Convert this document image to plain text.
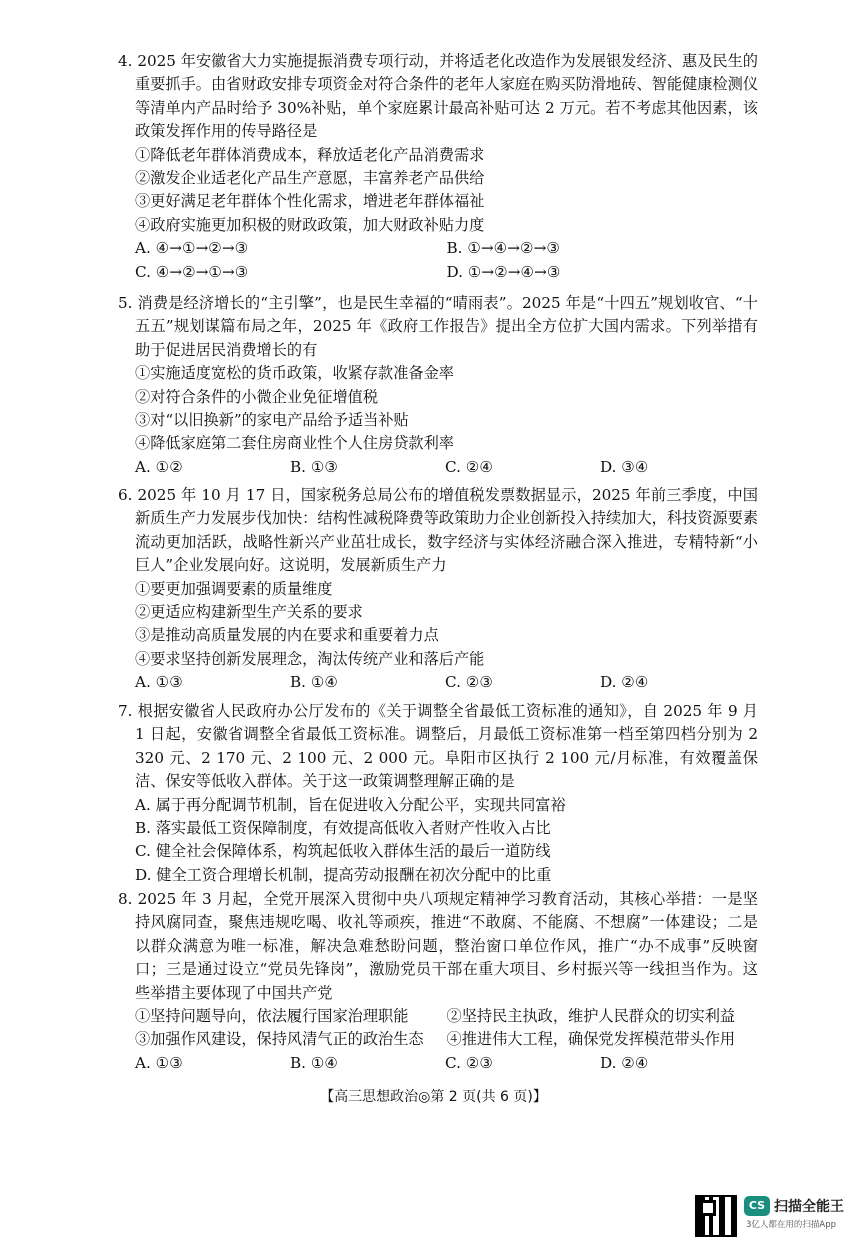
4. 2025 年安徽省大力实施提振消费专项行动，并将适老化改造作为发展银发经济、惠及民生的重要抓手。由省财政安排专项资金对符合条件的老年人家庭在购买防滑地砖、智能健康检测仪等清单内产品时给予 30%补贴，单个家庭累计最高补贴可达 2 万元。若不考虑其他因素，该政策发挥作用的传导路径是

①降低老年群体消费成本，释放适老化产品消费需求

②激发企业适老化产品生产意愿，丰富养老产品供给

③更好满足老年群体个性化需求，增进老年群体福祉

④政府实施更加积极的财政政策，加大财政补贴力度

A. ④→①→②→③	B. ①→④→②→③
C. ④→②→①→③	D. ①→②→④→③

5. 消费是经济增长的“主引擎”，也是民生幸福的“晴雨表”。2025 年是“十四五”规划收官、“十五五”规划谋篇布局之年，2025 年《政府工作报告》提出全方位扩大国内需求。下列举措有助于促进居民消费增长的有

①实施适度宽松的货币政策，收紧存款准备金率

②对符合条件的小微企业免征增值税

③对“以旧换新”的家电产品给予适当补贴

④降低家庭第二套住房商业性个人住房贷款利率

A. ①②	B. ①③	C. ②④	D. ③④

6. 2025 年 10 月 17 日，国家税务总局公布的增值税发票数据显示，2025 年前三季度，中国新质生产力发展步伐加快：结构性减税降费等政策助力企业创新投入持续加大，科技资源要素流动更加活跃，战略性新兴产业茁壮成长，数字经济与实体经济融合深入推进，专精特新“小巨人”企业发展向好。这说明，发展新质生产力

①要更加强调要素的质量维度

②更适应构建新型生产关系的要求

③是推动高质量发展的内在要求和重要着力点

④要求坚持创新发展理念，淘汰传统产业和落后产能

A. ①③	B. ①④	C. ②③	D. ②④

7. 根据安徽省人民政府办公厅发布的《关于调整全省最低工资标准的通知》，自 2025 年 9 月 1 日起，安徽省调整全省最低工资标准。调整后，月最低工资标准第一档至第四档分别为 2 320 元、2 170 元、2 100 元、2 000 元。阜阳市区执行 2 100 元/月标准，有效覆盖保洁、保安等低收入群体。关于这一政策调整理解正确的是

A. 属于再分配调节机制，旨在促进收入分配公平，实现共同富裕

B. 落实最低工资保障制度，有效提高低收入者财产性收入占比

C. 健全社会保障体系，构筑起低收入群体生活的最后一道防线

D. 健全工资合理增长机制，提高劳动报酬在初次分配中的比重

8. 2025 年 3 月起，全党开展深入贯彻中央八项规定精神学习教育活动，其核心举措：一是坚持风腐同查，聚焦违规吃喝、收礼等顽疾，推进“不敢腐、不能腐、不想腐”一体建设；二是以群众满意为唯一标准，解决急难愁盼问题，整治窗口单位作风，推广“办不成事”反映窗口；三是通过设立“党员先锋岗”，激励党员干部在重大项目、乡村振兴等一线担当作为。这些举措主要体现了中国共产党

①坚持问题导向，依法履行国家治理职能	②坚持民主执政，维护人民群众的切实利益
③加强作风建设，保持风清气正的政治生态	④推进伟大工程，确保党发挥模范带头作用
A. ①③	B. ①④	C. ②③	D. ②④
【高三思想政治◎第 2 页(共 6 页)】
CS 扫描全能王
3亿人都在用的扫描App
